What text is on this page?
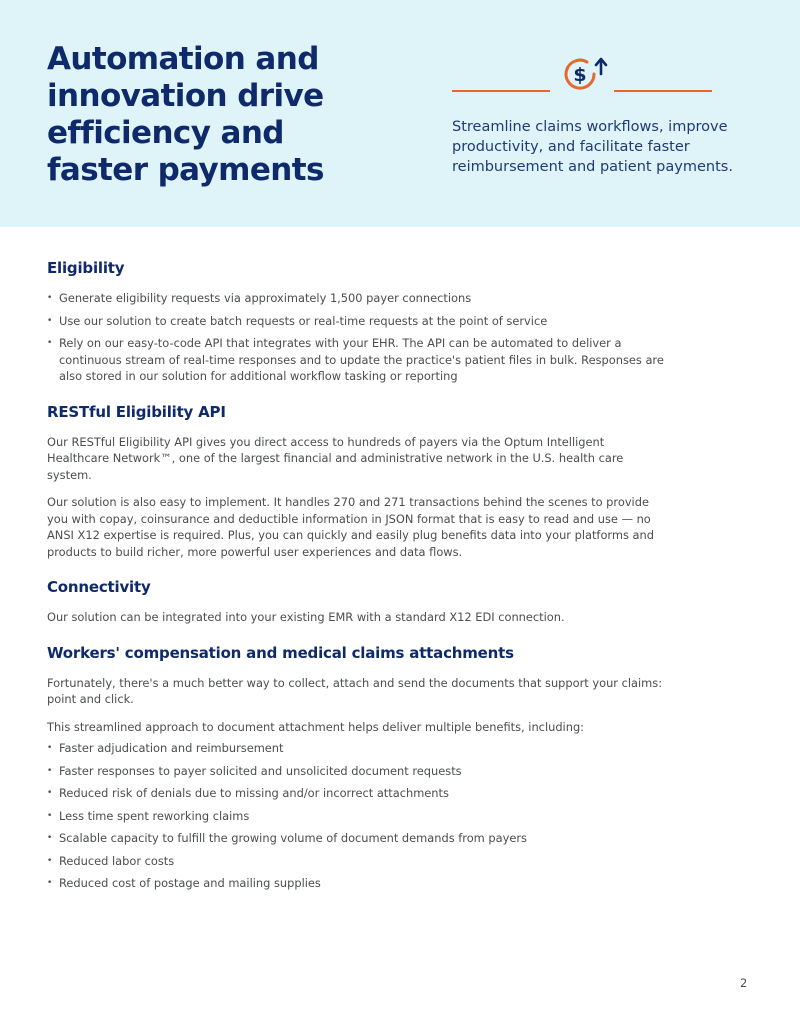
Automation and innovation drive efficiency and faster payments
$

Streamline claims workflows, improve productivity, and facilitate faster reimbursement and patient payments.

Eligibility
• Generate eligibility requests via approximately 1,500 payer connections
• Use our solution to create batch requests or real-time requests at the point of service
• Rely on our easy-to-code API that integrates with your EHR. The API can be automated to deliver a continuous stream of real-time responses and to update the practice's patient files in bulk. Responses are also stored in our solution for additional workflow tasking or reporting
RESTful Eligibility API

Our RESTful Eligibility API gives you direct access to hundreds of payers via the Optum Intelligent Healthcare Network™, one of the largest financial and administrative network in the U.S. health care system.

Our solution is also easy to implement. It handles 270 and 271 transactions behind the scenes to provide you with copay, coinsurance and deductible information in JSON format that is easy to read and use — no ANSI X12 expertise is required. Plus, you can quickly and easily plug benefits data into your platforms and products to build richer, more powerful user experiences and data flows.

Connectivity

Our solution can be integrated into your existing EMR with a standard X12 EDI connection.

Workers' compensation and medical claims attachments

Fortunately, there's a much better way to collect, attach and send the documents that support your claims: point and click.

This streamlined approach to document attachment helps deliver multiple benefits, including:

• Faster adjudication and reimbursement
• Faster responses to payer solicited and unsolicited document requests
• Reduced risk of denials due to missing and/or incorrect attachments
• Less time spent reworking claims
• Scalable capacity to fulfill the growing volume of document demands from payers
• Reduced labor costs
• Reduced cost of postage and mailing supplies
2
